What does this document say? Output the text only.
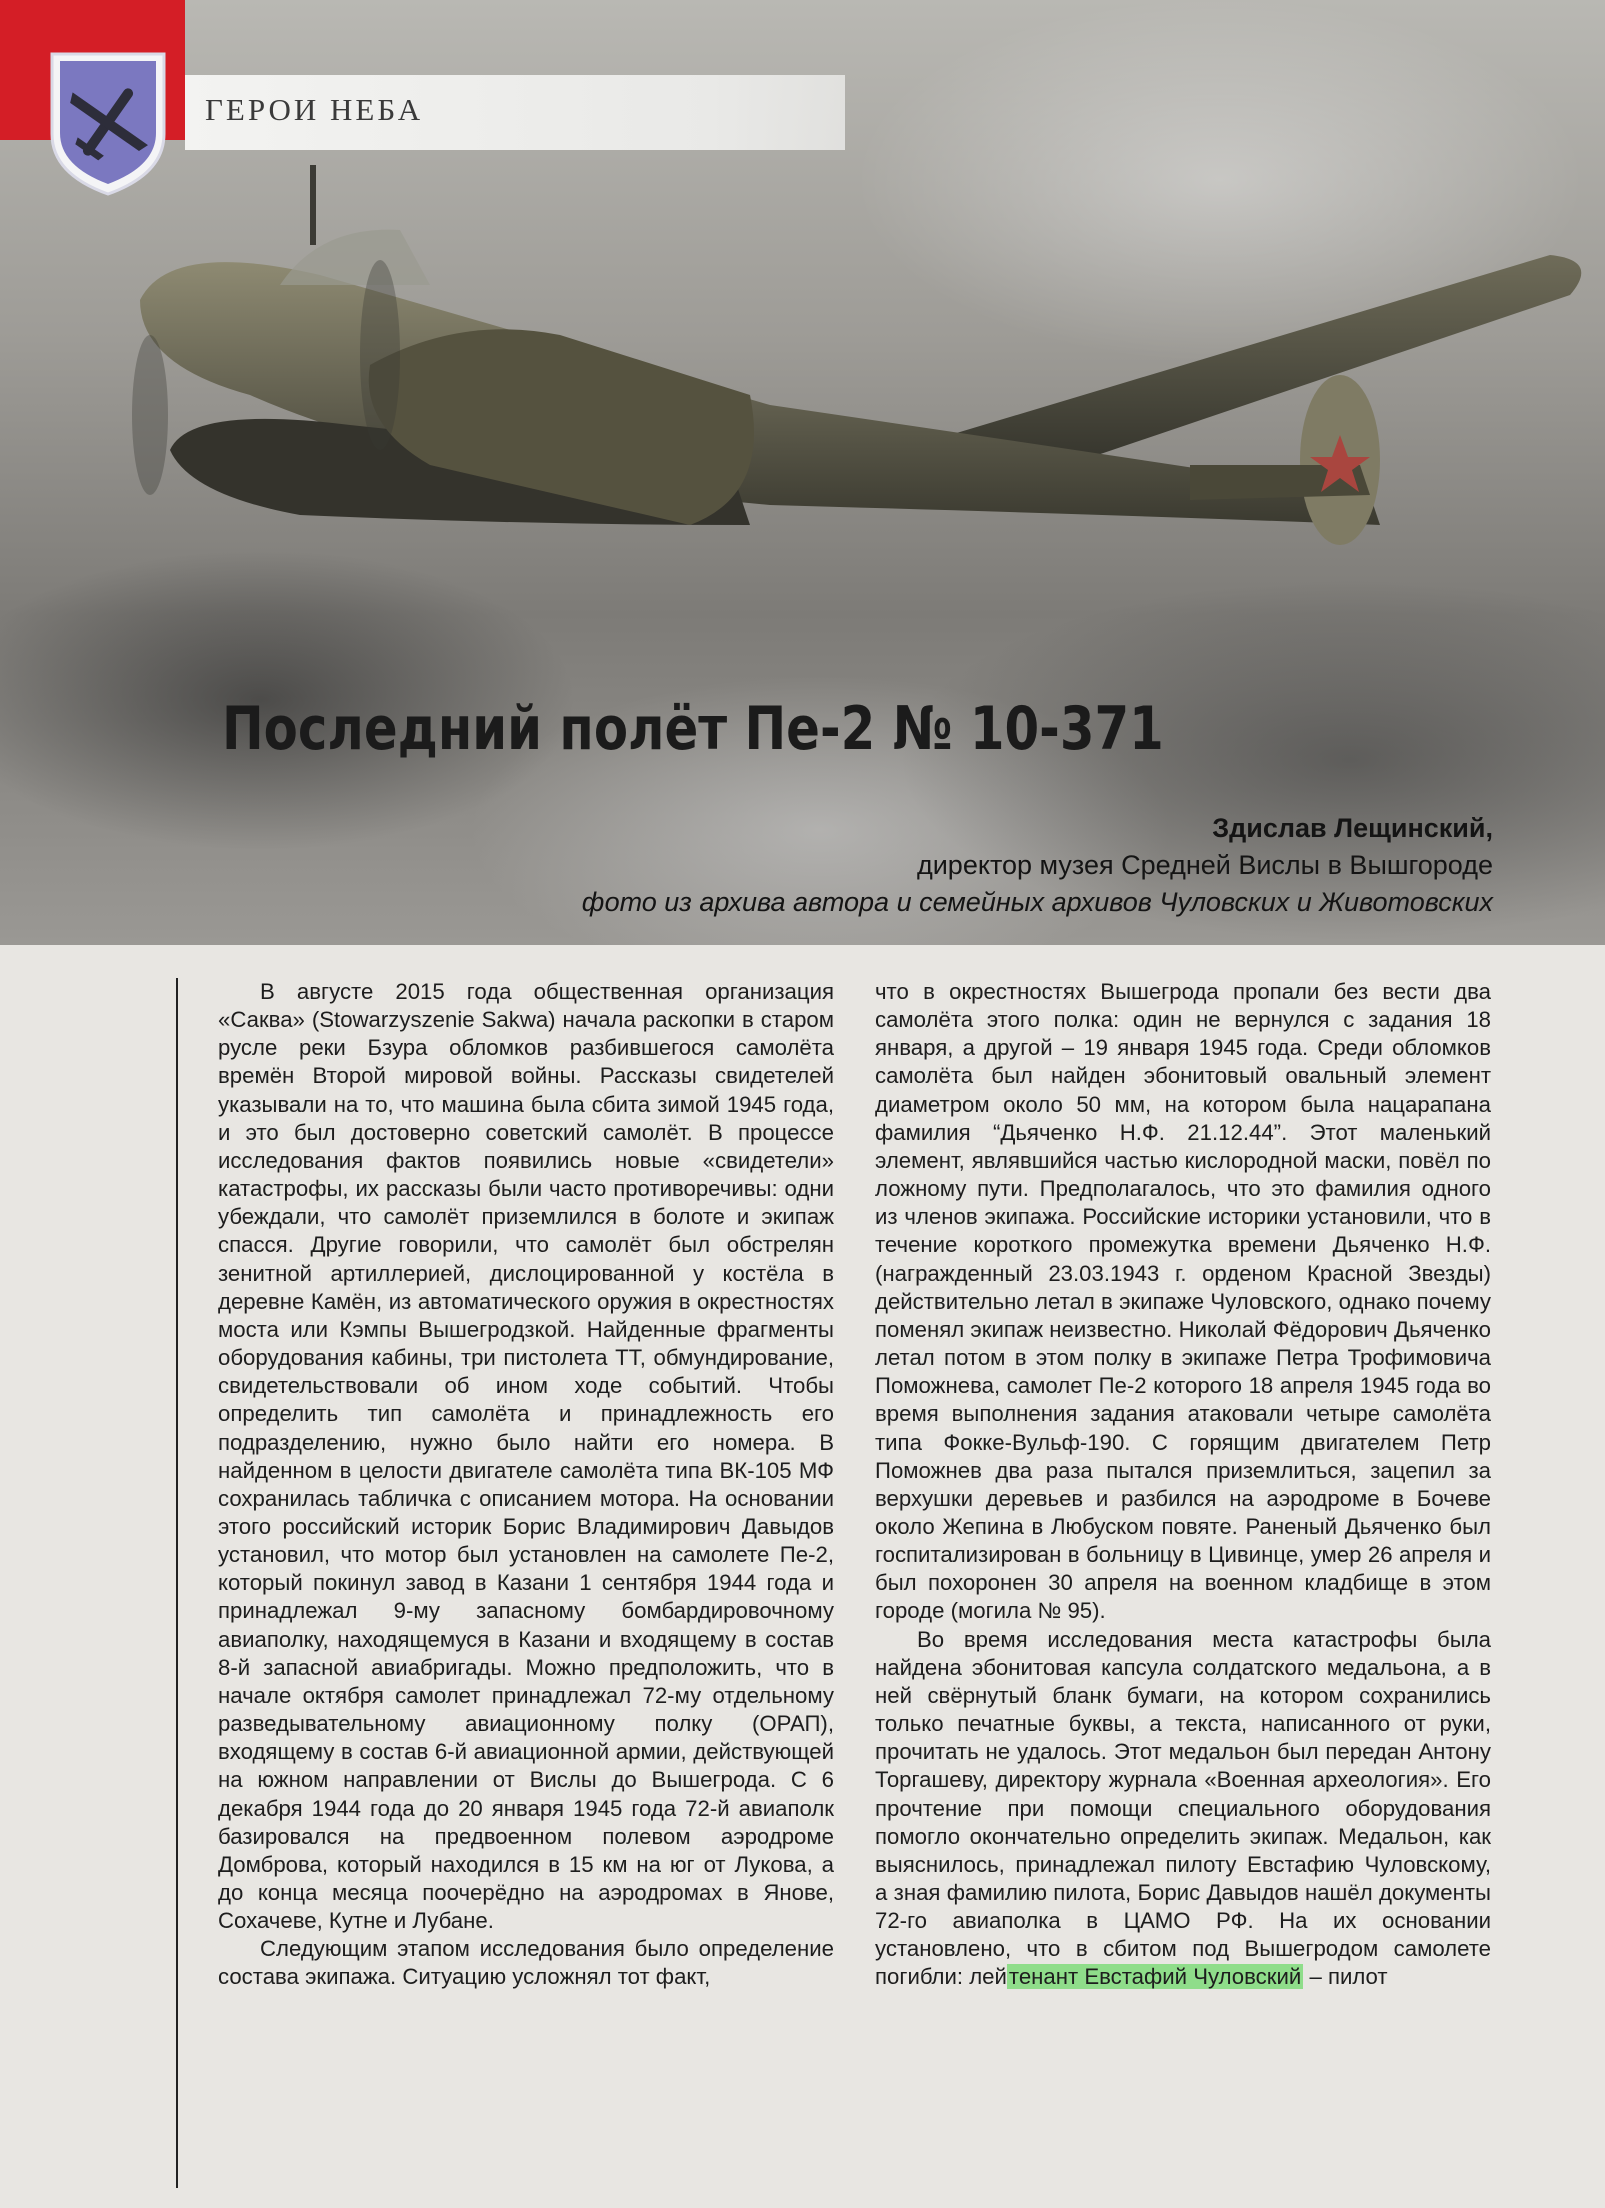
ГЕРОИ НЕБА
Последний полёт Пе-2 № 10-371
Здислав Лещинский,
директор музея Средней Вислы в Вышгороде
фото из архива автора и семейных архивов Чуловских и Животовских

В августе 2015 года общественная организация «Саква» (Stowarzyszenie Sakwa) начала раскопки в старом русле реки Бзура обломков разбившегося самолёта времён Второй мировой войны. Рассказы свидетелей указывали на то, что машина была сбита зимой 1945 года, и это был достоверно советский самолёт. В процессе исследования фактов появились новые «свидетели» катастрофы, их рассказы были часто противоречивы: одни убеждали, что самолёт приземлился в болоте и экипаж спасся. Другие говорили, что самолёт был обстрелян зенитной артиллерией, дислоцированной у костёла в деревне Камён, из автоматического оружия в окрестностях моста или Кэмпы Вышегродзкой. Найденные фрагменты оборудования кабины, три пистолета ТТ, обмундирование, свидетельствовали об ином ходе событий. Чтобы определить тип самолёта и принадлежность его подразделению, нужно было найти его номера. В найденном в целости двигателе самолёта типа ВК-105 МФ сохранилась табличка с описанием мотора. На основании этого российский историк Борис Владимирович Давыдов установил, что мотор был установлен на самолете Пе-2, который покинул завод в Казани 1 сентября 1944 года и принадлежал 9-му запасному бомбардировочному авиаполку, находящемуся в Казани и входящему в состав 8-й запасной авиабригады. Можно предположить, что в начале октября самолет принадлежал 72-му отдельному разведывательному авиационному полку (ОРАП), входящему в состав 6-й авиационной армии, действующей на южном направлении от Вислы до Вышегрода. С 6 декабря 1944 года до 20 января 1945 года 72-й авиаполк базировался на предвоенном полевом аэродроме Домброва, который находился в 15 км на юг от Лукова, а до конца месяца поочерёдно на аэродромах в Янове, Сохачеве, Кутне и Лубане.

Следующим этапом исследования было определение состава экипажа. Ситуацию усложнял тот факт,

что в окрестностях Вышегрода пропали без вести два самолёта этого полка: один не вернулся с задания 18 января, а другой – 19 января 1945 года. Среди обломков самолёта был найден эбонитовый овальный элемент диаметром около 50 мм, на котором была нацарапана фамилия “Дьяченко Н.Ф. 21.12.44”. Этот маленький элемент, являвшийся частью кислородной маски, повёл по ложному пути. Предполагалось, что это фамилия одного из членов экипажа. Российские историки установили, что в течение короткого промежутка времени Дьяченко Н.Ф. (награжденный 23.03.1943 г. орденом Красной Звезды) действительно летал в экипаже Чуловского, однако почему поменял экипаж неизвестно. Николай Фёдорович Дьяченко летал потом в этом полку в экипаже Петра Трофимовича Поможнева, самолет Пе-2 которого 18 апреля 1945 года во время выполнения задания атаковали четыре самолёта типа Фокке-Вульф-190. С горящим двигателем Петр Поможнев два раза пытался приземлиться, зацепил за верхушки деревьев и разбился на аэродроме в Бочеве около Жепина в Любуском повяте. Раненый Дьяченко был госпитализирован в больницу в Цивинце, умер 26 апреля и был похоронен 30 апреля на военном кладбище в этом городе (могила № 95).

Во время исследования места катастрофы была найдена эбонитовая капсула солдатского медальона, а в ней свёрнутый бланк бумаги, на котором сохранились только печатные буквы, а текста, написанного от руки, прочитать не удалось. Этот медальон был передан Антону Торгашеву, директору журнала «Военная археология». Его прочтение при помощи специального оборудования помогло окончательно определить экипаж. Медальон, как выяснилось, принадлежал пилоту Евстафию Чуловскому, а зная фамилию пилота, Борис Давыдов нашёл документы 72-го авиаполка в ЦАМО РФ. На их основании установлено, что в сбитом под Вышегродом самолете погибли: лейтенант Евстафий Чуловский – пилот
